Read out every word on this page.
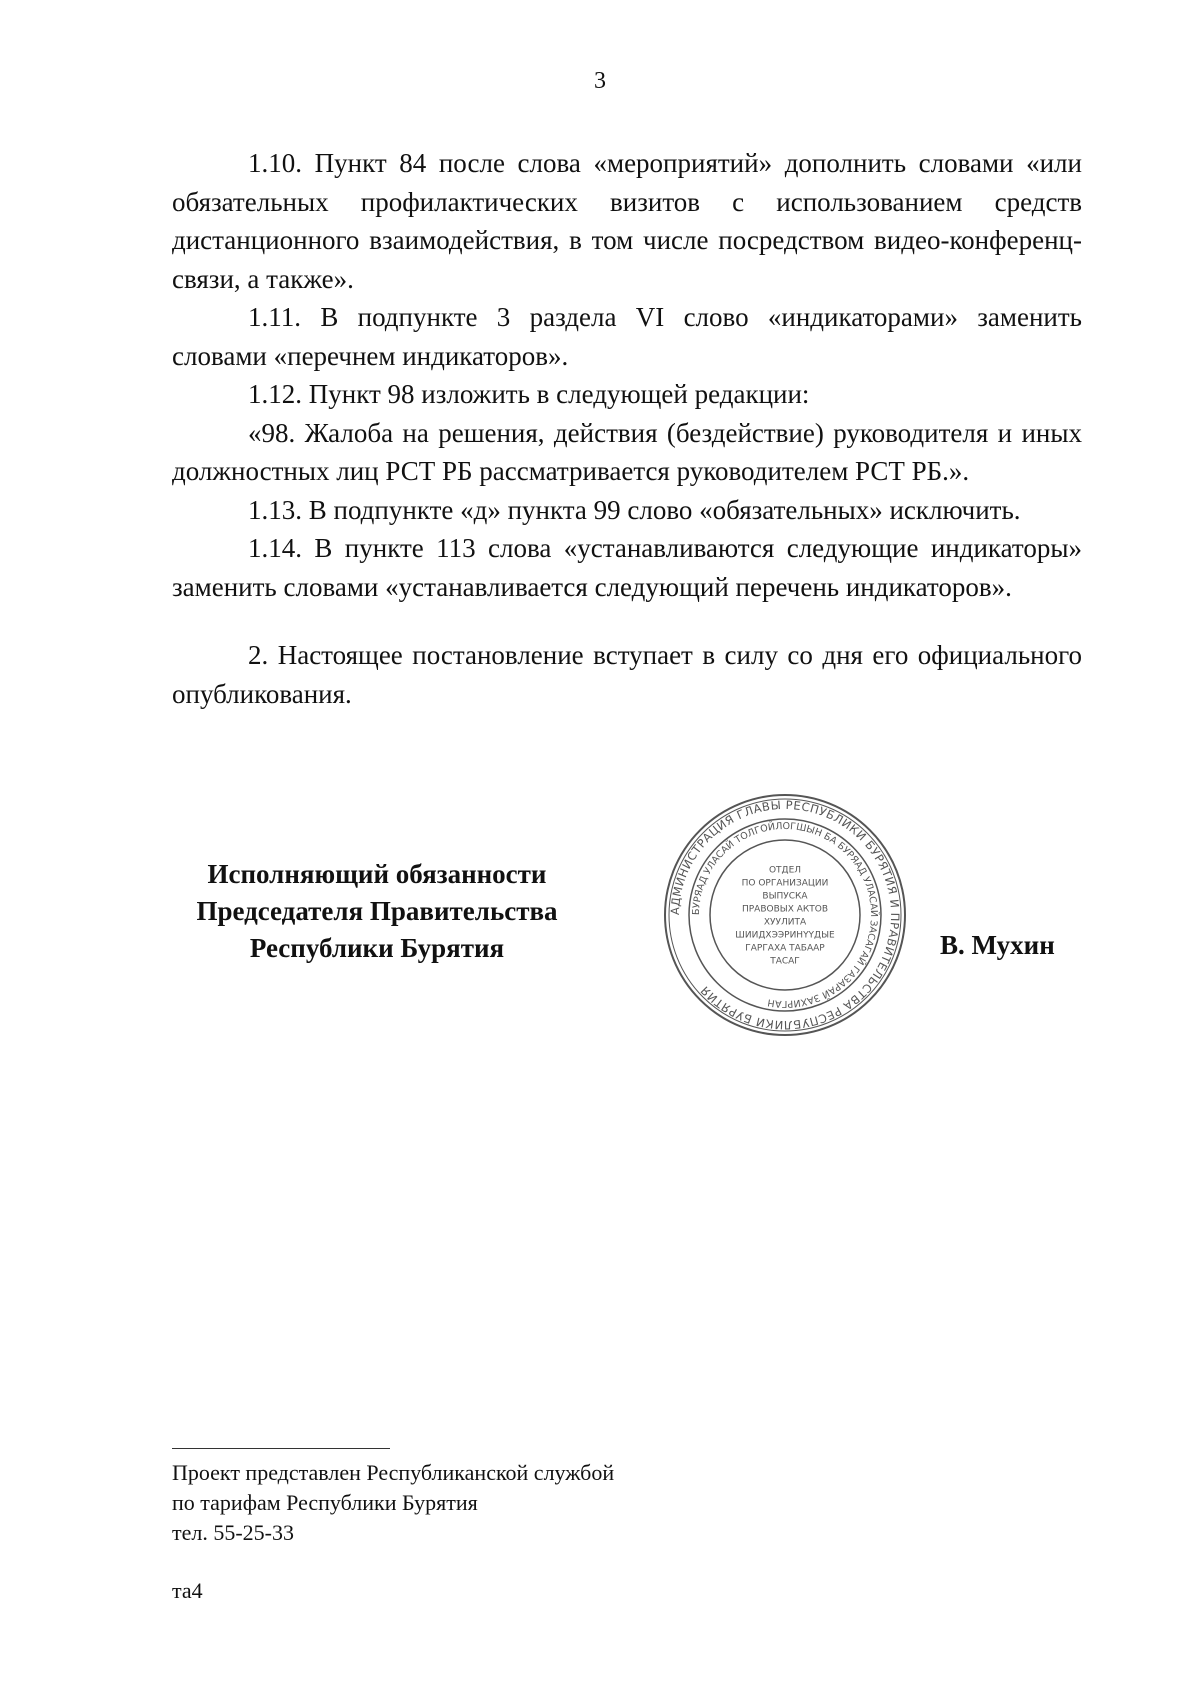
3

1.10. Пункт 84 после слова «мероприятий» дополнить словами «или обязательных профилактических визитов с использованием средств дистанционного взаимодействия, в том числе посредством видео-конференц-связи, а также».

1.11. В подпункте 3 раздела VI слово «индикаторами» заменить словами «перечнем индикаторов».

1.12. Пункт 98 изложить в следующей редакции:

«98. Жалоба на решения, действия (бездействие) руководителя и иных должностных лиц РСТ РБ рассматривается руководителем РСТ РБ.».

1.13. В подпункте «д» пункта 99 слово «обязательных» исключить.

1.14. В пункте 113 слова «устанавливаются следующие индикаторы» заменить словами «устанавливается следующий перечень индикаторов».

2. Настоящее постановление вступает в силу со дня его официального опубликования.

Исполняющий обязанности
Председателя Правительства
Республики Бурятия
АДМИНИСТРАЦИЯ ГЛАВЫ РЕСПУБЛИКИ БУРЯТИЯ И ПРАВИТЕЛЬСТВА РЕСПУБЛИКИ БУРЯТИЯ
БУРЯАД УЛАСАЙ ТОЛГОЙЛОГШЫН БА БУРЯАД УЛАСАЙ ЗАСАГАЙ ГАЗАРАЙ ЗАХИРГАН
ОТДЕЛ
ПО ОРГАНИЗАЦИИ
ВЫПУСКА
ПРАВОВЫХ АКТОВ
ХУУЛИТА
ШИИДХЭЭРИНҮҮДЫЕ
ГАРГАХА ТАБААР
ТАСАГ
В. Мухин
Проект представлен Республиканской службой
по тарифам Республики Бурятия
тел. 55-25-33
та4
